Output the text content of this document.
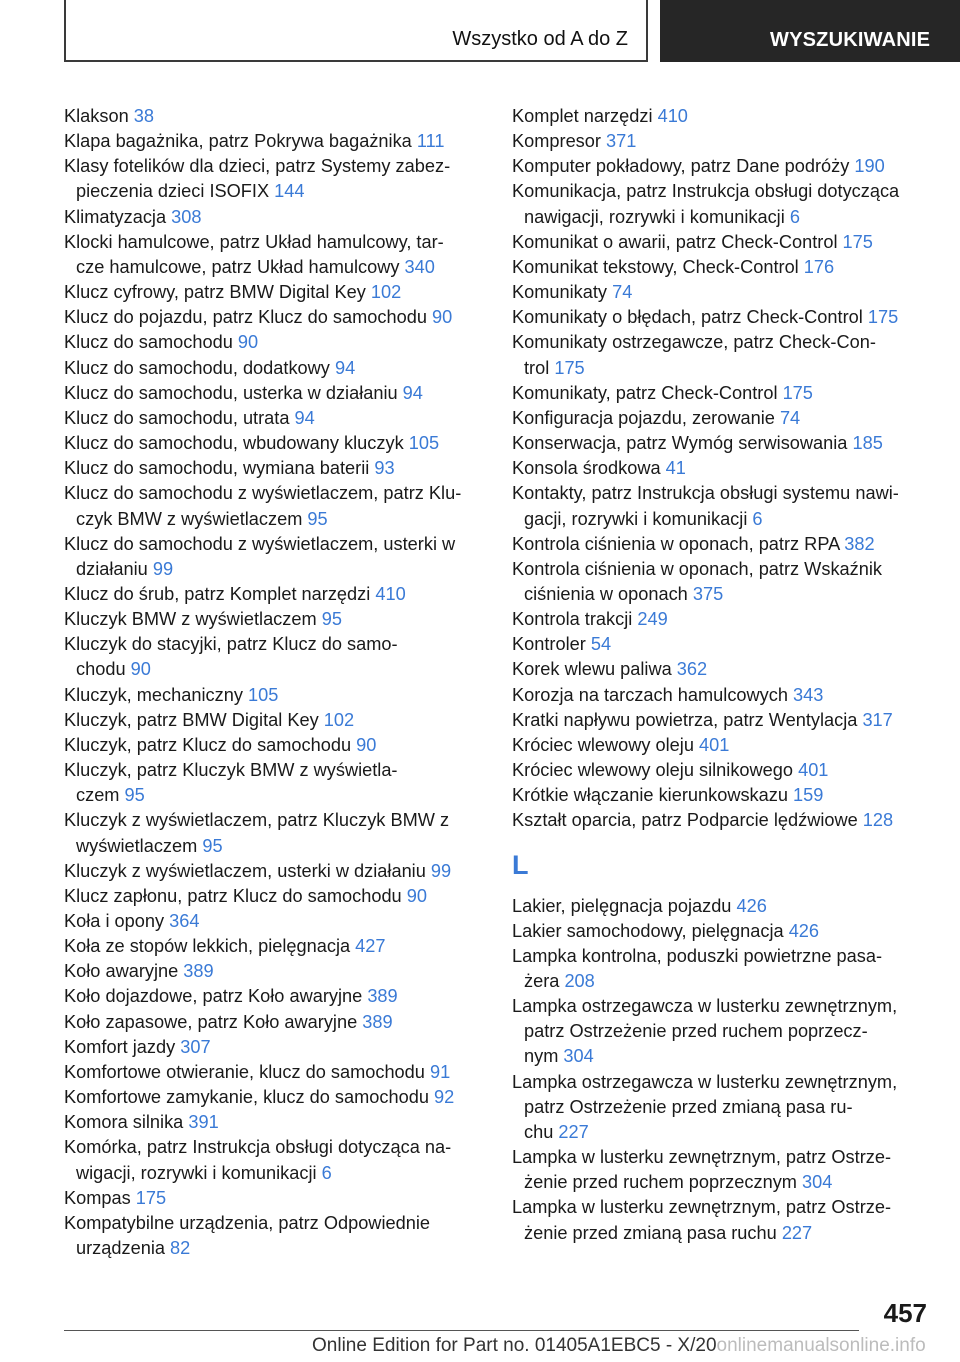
Wszystko od A do Z	WYSZUKIWANIE
Klakson 38
Klapa bagażnika, patrz Pokrywa bagażnika 111
Klasy fotelików dla dzieci, patrz Systemy zabez-
pieczenia dzieci ISOFIX 144
Klimatyzacja 308
Klocki hamulcowe, patrz Układ hamulcowy, tar-
cze hamulcowe, patrz Układ hamulcowy 340
Klucz cyfrowy, patrz BMW Digital Key 102
Klucz do pojazdu, patrz Klucz do samochodu 90
Klucz do samochodu 90
Klucz do samochodu, dodatkowy 94
Klucz do samochodu, usterka w działaniu 94
Klucz do samochodu, utrata 94
Klucz do samochodu, wbudowany kluczyk 105
Klucz do samochodu, wymiana baterii 93
Klucz do samochodu z wyświetlaczem, patrz Klu-
czyk BMW z wyświetlaczem 95
Klucz do samochodu z wyświetlaczem, usterki w
działaniu 99
Klucz do śrub, patrz Komplet narzędzi 410
Kluczyk BMW z wyświetlaczem 95
Kluczyk do stacyjki, patrz Klucz do samo-
chodu 90
Kluczyk, mechaniczny 105
Kluczyk, patrz BMW Digital Key 102
Kluczyk, patrz Klucz do samochodu 90
Kluczyk, patrz Kluczyk BMW z wyświetla-
czem 95
Kluczyk z wyświetlaczem, patrz Kluczyk BMW z
wyświetlaczem 95
Kluczyk z wyświetlaczem, usterki w działaniu 99
Klucz zapłonu, patrz Klucz do samochodu 90
Koła i opony 364
Koła ze stopów lekkich, pielęgnacja 427
Koło awaryjne 389
Koło dojazdowe, patrz Koło awaryjne 389
Koło zapasowe, patrz Koło awaryjne 389
Komfort jazdy 307
Komfortowe otwieranie, klucz do samochodu 91
Komfortowe zamykanie, klucz do samochodu 92
Komora silnika 391
Komórka, patrz Instrukcja obsługi dotycząca na-
wigacji, rozrywki i komunikacji 6
Kompas 175
Kompatybilne urządzenia, patrz Odpowiednie
urządzenia 82
Komplet narzędzi 410
Kompresor 371
Komputer pokładowy, patrz Dane podróży 190
Komunikacja, patrz Instrukcja obsługi dotycząca
nawigacji, rozrywki i komunikacji 6
Komunikat o awarii, patrz Check-Control 175
Komunikat tekstowy, Check-Control 176
Komunikaty 74
Komunikaty o błędach, patrz Check-Control 175
Komunikaty ostrzegawcze, patrz Check-Con-
trol 175
Komunikaty, patrz Check-Control 175
Konfiguracja pojazdu, zerowanie 74
Konserwacja, patrz Wymóg serwisowania 185
Konsola środkowa 41
Kontakty, patrz Instrukcja obsługi systemu nawi-
gacji, rozrywki i komunikacji 6
Kontrola ciśnienia w oponach, patrz RPA 382
Kontrola ciśnienia w oponach, patrz Wskaźnik
ciśnienia w oponach 375
Kontrola trakcji 249
Kontroler 54
Korek wlewu paliwa 362
Korozja na tarczach hamulcowych 343
Kratki napływu powietrza, patrz Wentylacja 317
Króciec wlewowy oleju 401
Króciec wlewowy oleju silnikowego 401
Krótkie włączanie kierunkowskazu 159
Kształt oparcia, patrz Podparcie lędźwiowe 128
L
Lakier, pielęgnacja pojazdu 426
Lakier samochodowy, pielęgnacja 426
Lampka kontrolna, poduszki powietrzne pasa-
żera 208
Lampka ostrzegawcza w lusterku zewnętrznym,
patrz Ostrzeżenie przed ruchem poprzecz-
nym 304
Lampka ostrzegawcza w lusterku zewnętrznym,
patrz Ostrzeżenie przed zmianą pasa ru-
chu 227
Lampka w lusterku zewnętrznym, patrz Ostrze-
żenie przed ruchem poprzecznym 304
Lampka w lusterku zewnętrznym, patrz Ostrze-
żenie przed zmianą pasa ruchu 227
457
Online Edition for Part no. 01405A1EBC5 - X/20onlinemanualsonline.info
